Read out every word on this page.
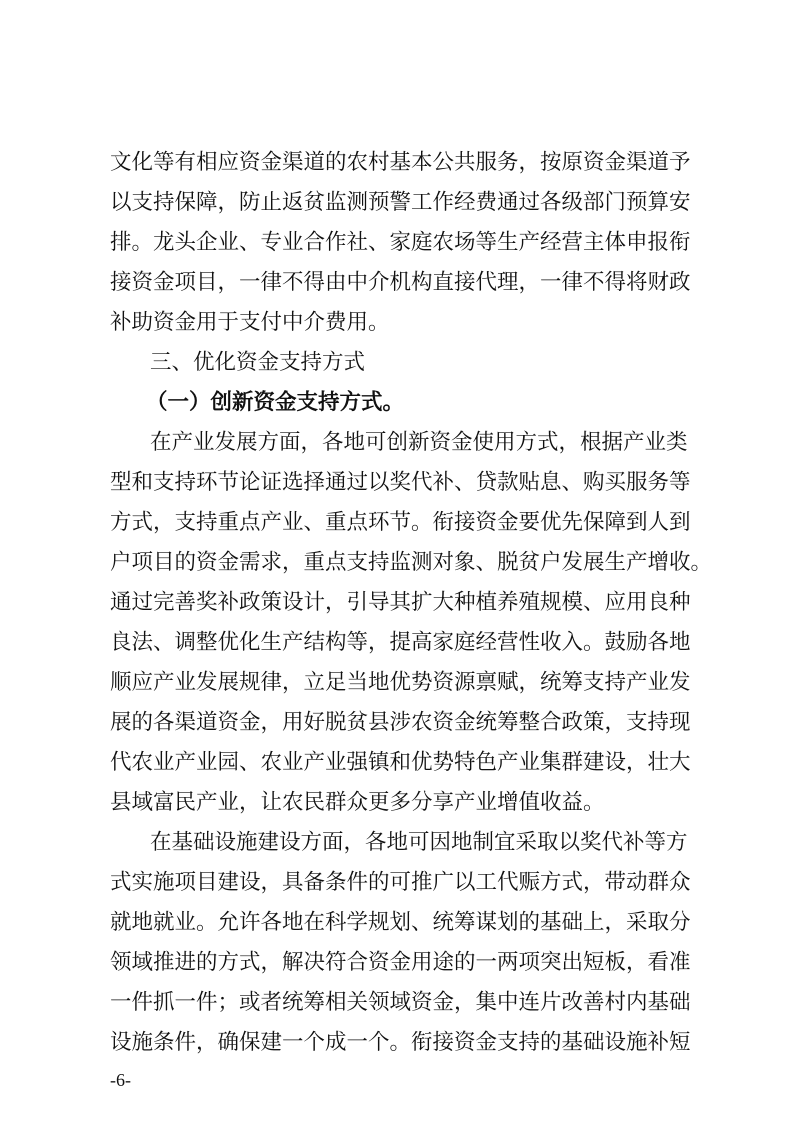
文化等有相应资金渠道的农村基本公共服务，按原资金渠道予
以支持保障，防止返贫监测预警工作经费通过各级部门预算安
排。龙头企业、专业合作社、家庭农场等生产经营主体申报衔
接资金项目，一律不得由中介机构直接代理，一律不得将财政
补助资金用于支付中介费用。
三、优化资金支持方式
（一）创新资金支持方式。
在产业发展方面，各地可创新资金使用方式，根据产业类
型和支持环节论证选择通过以奖代补、贷款贴息、购买服务等
方式，支持重点产业、重点环节。衔接资金要优先保障到人到
户项目的资金需求，重点支持监测对象、脱贫户发展生产增收。
通过完善奖补政策设计，引导其扩大种植养殖规模、应用良种
良法、调整优化生产结构等，提高家庭经营性收入。鼓励各地
顺应产业发展规律，立足当地优势资源禀赋，统筹支持产业发
展的各渠道资金，用好脱贫县涉农资金统筹整合政策，支持现
代农业产业园、农业产业强镇和优势特色产业集群建设，壮大
县域富民产业，让农民群众更多分享产业增值收益。
在基础设施建设方面，各地可因地制宜采取以奖代补等方
式实施项目建设，具备条件的可推广以工代赈方式，带动群众
就地就业。允许各地在科学规划、统筹谋划的基础上，采取分
领域推进的方式，解决符合资金用途的一两项突出短板，看准
一件抓一件；或者统筹相关领域资金，集中连片改善村内基础
设施条件，确保建一个成一个。衔接资金支持的基础设施补短
-6-
